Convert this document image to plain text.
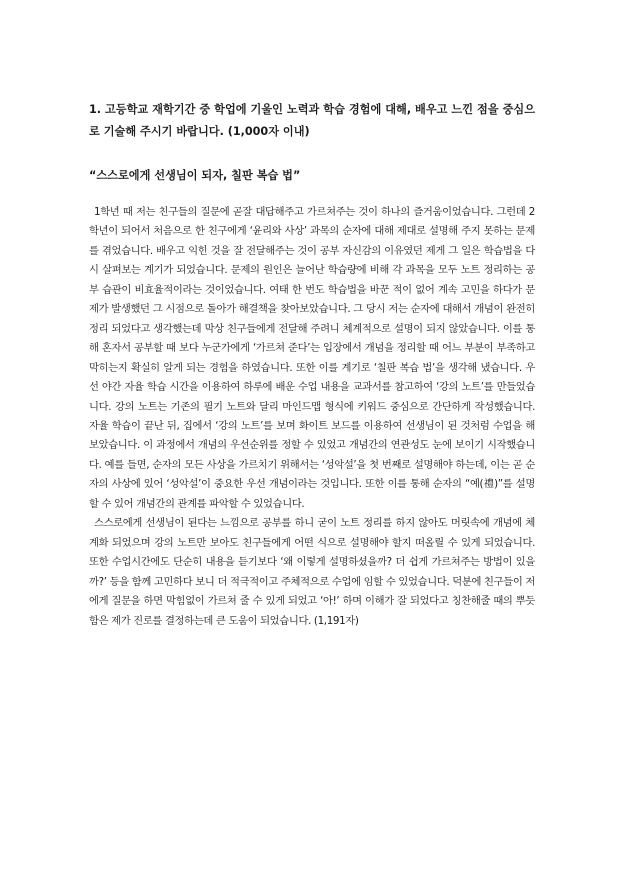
1. 고등학교 재학기간 중 학업에 기울인 노력과 학습 경험에 대해, 배우고 느낀 점을 중심으로 기술해 주시기 바랍니다. (1,000자 이내)

“스스로에게 선생님이 되자, 칠판 복습 법”

1학년 때 저는 친구들의 질문에 곧잘 대답해주고 가르쳐주는 것이 하나의 즐거움이었습니다. 그런데 2학년이 되어서 처음으로 한 친구에게 ‘윤리와 사상’ 과목의 순자에 대해 제대로 설명해 주지 못하는 문제를 겪었습니다. 배우고 익힌 것을 잘 전달해주는 것이 공부 자신감의 이유였던 제게 그 일은 학습법을 다시 살펴보는 계기가 되었습니다. 문제의 원인은 늘어난 학습량에 비해 각 과목을 모두 노트 정리하는 공부 습관이 비효율적이라는 것이었습니다. 여태 한 번도 학습법을 바꾼 적이 없어 계속 고민을 하다가 문제가 발생했던 그 시점으로 돌아가 해결책을 찾아보았습니다. 그 당시 저는 순자에 대해서 개념이 완전히 정리 되었다고 생각했는데 막상 친구들에게 전달해 주려니 체계적으로 설명이 되지 않았습니다. 이를 통해 혼자서 공부할 때 보다 누군가에게 ‘가르쳐 준다’는 입장에서 개념을 정리할 때 어느 부분이 부족하고 막히는지 확실히 알게 되는 경험을 하였습니다. 또한 이를 계기로 ‘칠판 복습 법’을 생각해 냈습니다. 우선 야간 자율 학습 시간을 이용하여 하루에 배운 수업 내용을 교과서를 참고하여 ‘강의 노트’를 만들었습니다. 강의 노트는 기존의 필기 노트와 달리 마인드맵 형식에 키워드 중심으로 간단하게 작성했습니다. 자율 학습이 끝난 뒤, 집에서 ‘강의 노트’를 보며 화이트 보드를 이용하여 선생님이 된 것처럼 수업을 해보았습니다. 이 과정에서 개념의 우선순위를 정할 수 있었고 개념간의 연관성도 눈에 보이기 시작했습니다. 예를 들면, 순자의 모든 사상을 가르치기 위해서는 ‘성악설’을 첫 번째로 설명해야 하는데, 이는 곧 순자의 사상에 있어 ‘성악설’이 중요한 우선 개념이라는 것입니다. 또한 이를 통해 순자의 “예(禮)”를 설명할 수 있어 개념간의 관계를 파악할 수 있었습니다.

스스로에게 선생님이 된다는 느낌으로 공부를 하니 굳이 노트 정리를 하지 않아도 머릿속에 개념에 체계화 되었으며 강의 노트만 보아도 친구들에게 어떤 식으로 설명해야 할지 떠올릴 수 있게 되었습니다. 또한 수업시간에도 단순히 내용을 듣기보다 ‘왜 이렇게 설명하셨을까? 더 쉽게 가르쳐주는 방법이 있을까?’ 등을 함께 고민하다 보니 더 적극적이고 주체적으로 수업에 임할 수 있었습니다. 덕분에 친구들이 저에게 질문을 하면 막힘없이 가르쳐 줄 수 있게 되었고 ‘아!’ 하며 이해가 잘 되었다고 칭찬해줄 때의 뿌듯함은 제가 진로를 결정하는데 큰 도움이 되었습니다. (1,191자)
